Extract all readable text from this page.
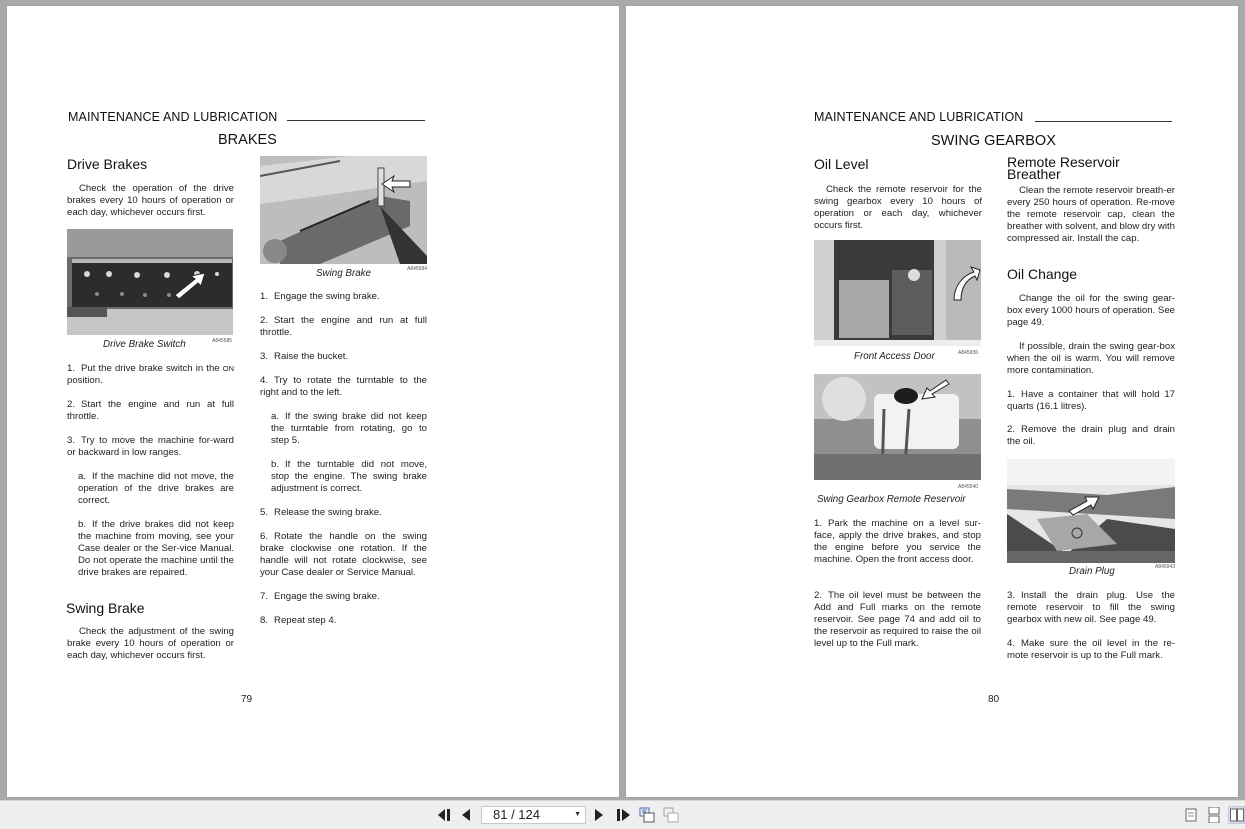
MAINTENANCE AND LUBRICATION
BRAKES
Drive Brakes
Check the operation of the drive brakes every 10 hours of operation or each day, whichever occurs first.
Drive Brake Switch	A845585
1. Put the drive brake switch in the ON position.
2. Start the engine and run at full throttle.
3. Try to move the machine for-ward or backward in low ranges.
a. If the machine did not move, the operation of the drive brakes are correct.
b. If the drive brakes did not keep the machine from moving, see your Case dealer or the Ser-vice Manual. Do not operate the machine until the drive brakes are repaired.
Swing Brake
Check the adjustment of the swing brake every 10 hours of operation or each day, whichever occurs first.
Swing Brake	A845584
1. Engage the swing brake.
2. Start the engine and run at full throttle.
3. Raise the bucket.
4. Try to rotate the turntable to the right and to the left.
a. If the swing brake did not keep the turntable from rotating, go to step 5.
b. If the turntable did not move, stop the engine. The swing brake adjustment is correct.
5. Release the swing brake.
6. Rotate the handle on the swing brake clockwise one rotation. If the handle will not rotate clockwise, see your Case dealer or Service Manual.
7. Engage the swing brake.
8. Repeat step 4.
79
MAINTENANCE AND LUBRICATION
SWING GEARBOX
Oil Level
Check the remote reservoir for the swing gearbox every 10 hours of operation or each day, whichever occurs first.
Front Access Door	A845936
A845540
Swing Gearbox Remote Reservoir
1. Park the machine on a level sur-face, apply the drive brakes, and stop the engine before you service the machine. Open the front access door.
2. The oil level must be between the Add and Full marks on the remote reservoir. See page 74 and add oil to the reservoir as required to raise the oil level up to the Full mark.
Remote Reservoir
Breather
Clean the remote reservoir breath-er every 250 hours of operation. Re-move the remote reservoir cap, clean the breather with solvent, and blow dry with compressed air. Install the cap.
Oil Change
Change the oil for the swing gear-box every 1000 hours of operation. See page 49.
If possible, drain the swing gear-box when the oil is warm. You will remove more contamination.
1. Have a container that will hold 17 quarts (16.1 litres).
2. Remove the drain plug and drain the oil.
A845943
Drain Plug
3. Install the drain plug. Use the remote reservoir to fill the swing gearbox with new oil. See page 49.
4. Make sure the oil level in the re-mote reservoir is up to the Full mark.
80
81 / 124	▼
